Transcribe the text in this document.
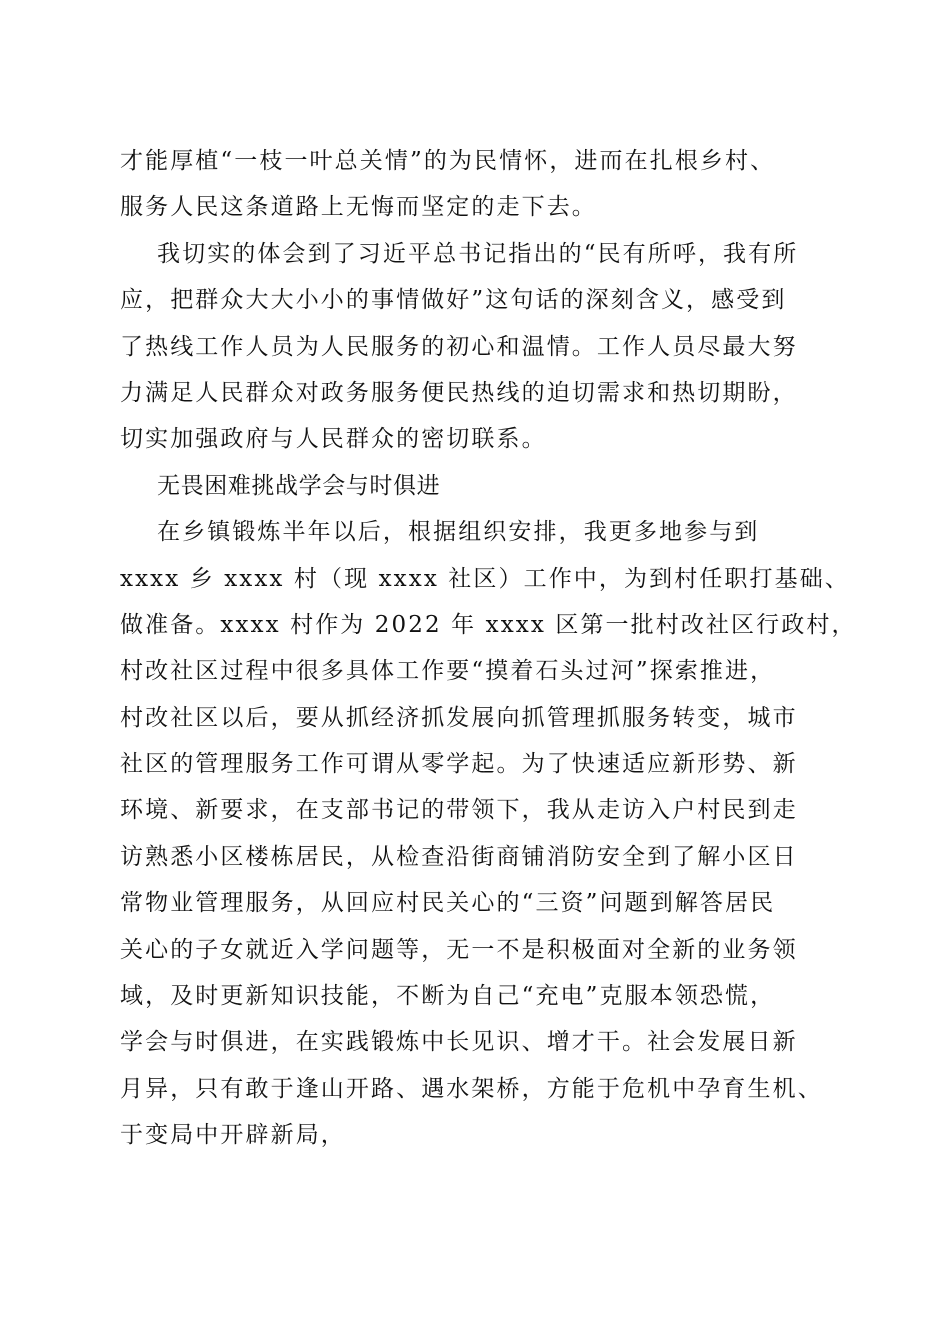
才能厚植“一枝一叶总关情”的为民情怀，进而在扎根乡村、
服务人民这条道路上无悔而坚定的走下去。
我切实的体会到了习近平总书记指出的“民有所呼，我有所
应，把群众大大小小的事情做好”这句话的深刻含义，感受到
了热线工作人员为人民服务的初心和温情。工作人员尽最大努
力满足人民群众对政务服务便民热线的迫切需求和热切期盼，
切实加强政府与人民群众的密切联系。
无畏困难挑战学会与时俱进
在乡镇锻炼半年以后，根据组织安排，我更多地参与到
xxxx 乡 xxxx 村（现 xxxx 社区）工作中，为到村任职打基础、
做准备。xxxx 村作为 2022 年 xxxx 区第一批村改社区行政村，
村改社区过程中很多具体工作要“摸着石头过河”探索推进，
村改社区以后，要从抓经济抓发展向抓管理抓服务转变，城市
社区的管理服务工作可谓从零学起。为了快速适应新形势、新
环境、新要求，在支部书记的带领下，我从走访入户村民到走
访熟悉小区楼栋居民，从检查沿街商铺消防安全到了解小区日
常物业管理服务，从回应村民关心的“三资”问题到解答居民
关心的子女就近入学问题等，无一不是积极面对全新的业务领
域，及时更新知识技能，不断为自己“充电”克服本领恐慌，
学会与时俱进，在实践锻炼中长见识、增才干。社会发展日新
月异，只有敢于逢山开路、遇水架桥，方能于危机中孕育生机、
于变局中开辟新局，
